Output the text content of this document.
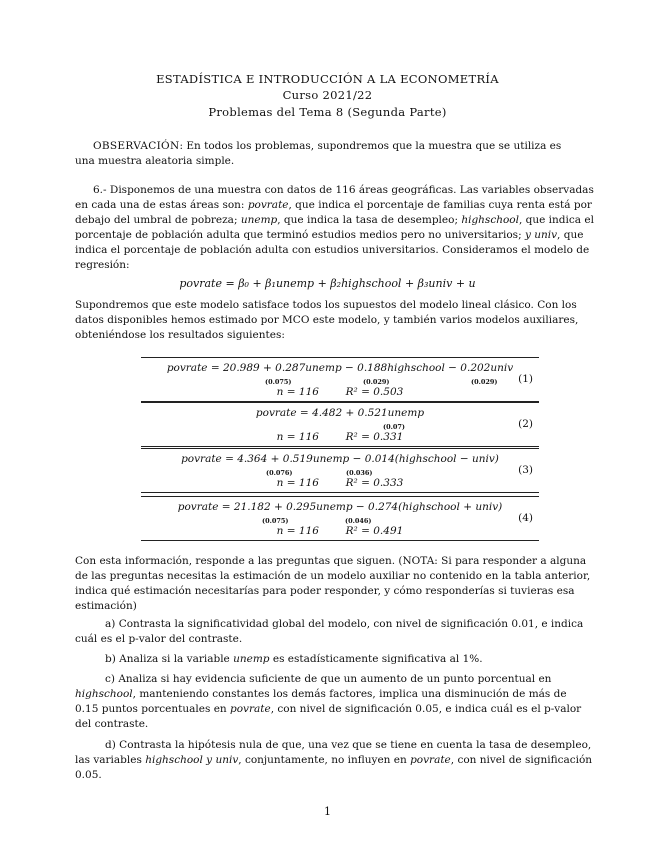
ESTADÍSTICA E INTRODUCCIÓN A LA ECONOMETRÍA
Curso 2021/22
Problemas del Tema 8 (Segunda Parte)
OBSERVACIÓN: En todos los problemas, supondremos que la muestra que se utiliza es
una muestra aleatoria simple.
6.- Disponemos de una muestra con datos de 116 áreas geográficas. Las variables observadas
en cada una de estas áreas son: povrate, que indica el porcentaje de familias cuya renta está por
debajo del umbral de pobreza; unemp, que indica la tasa de desempleo; highschool, que indica el
porcentaje de población adulta que terminó estudios medios pero no universitarios; y univ, que
indica el porcentaje de población adulta con estudios universitarios. Consideramos el modelo de
regresión:
povrate = β₀ + β₁unemp + β₂highschool + β₃univ + u
Supondremos que este modelo satisface todos los supuestos del modelo lineal clásico. Con los
datos disponibles hemos estimado por MCO este modelo, y también varios modelos auxiliares,
obteniéndose los resultados siguientes:
povrate = 20.989 + 0.287unemp − 0.188highschool − 0.202univ
(0.075)	(0.029)	(0.029)
n = 116	R² = 0.503
(1)
povrate = 4.482 + 0.521unemp
(0.07)
n = 116	R² = 0.331
(2)
povrate = 4.364 + 0.519unemp − 0.014(highschool − univ)
(0.076)	(0.036)
n = 116	R² = 0.333
(3)
povrate = 21.182 + 0.295unemp − 0.274(highschool + univ)
(0.075)	(0.046)
n = 116	R² = 0.491
(4)
Con esta información, responde a las preguntas que siguen. (NOTA: Si para responder a alguna
de las preguntas necesitas la estimación de un modelo auxiliar no contenido en la tabla anterior,
indica qué estimación necesitarías para poder responder, y cómo responderías si tuvieras esa
estimación)
a) Contrasta la significatividad global del modelo, con nivel de significación 0.01, e indica
cuál es el p-valor del contraste.
b) Analiza si la variable unemp es estadísticamente significativa al 1%.
c) Analiza si hay evidencia suficiente de que un aumento de un punto porcentual en
highschool, manteniendo constantes los demás factores, implica una disminución de más de
0.15 puntos porcentuales en povrate, con nivel de significación 0.05, e indica cuál es el p-valor
del contraste.
d) Contrasta la hipótesis nula de que, una vez que se tiene en cuenta la tasa de desempleo,
las variables highschool y univ, conjuntamente, no influyen en povrate, con nivel de significación
0.05.
1
